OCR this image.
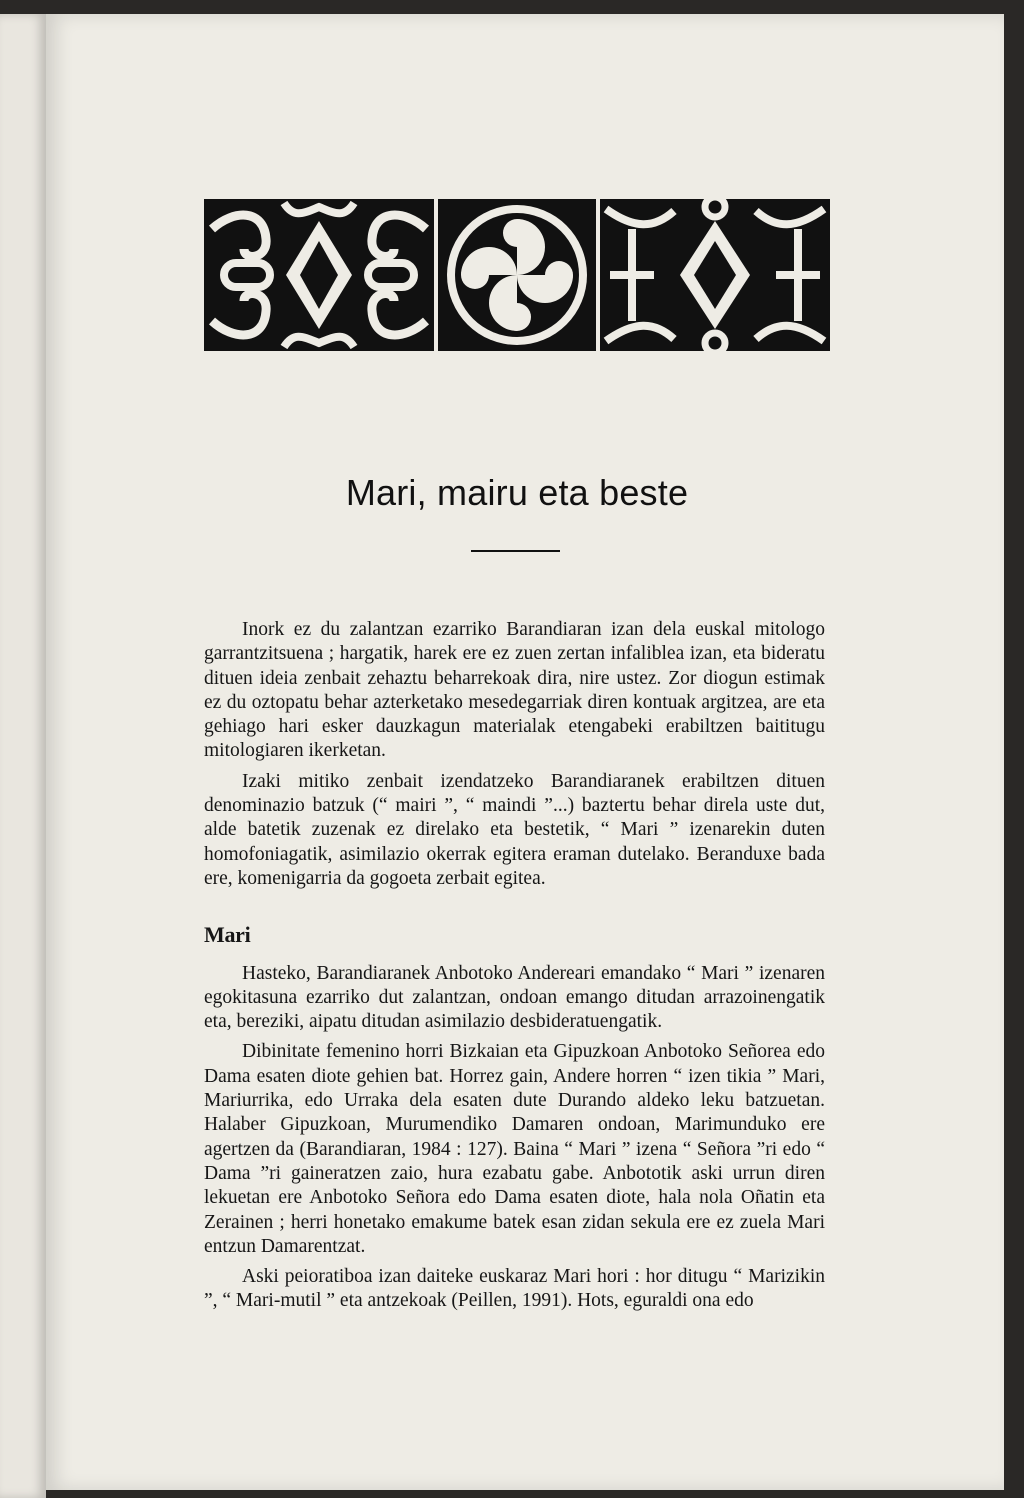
Mari, mairu eta beste

Inork ez du zalantzan ezarriko Barandiaran izan dela euskal mitologo garrantzitsuena ; hargatik, harek ere ez zuen zertan infaliblea izan, eta bideratu dituen ideia zenbait zehaztu beharrekoak dira, nire ustez. Zor diogun estimak ez du oztopatu behar azterketako mesedegarriak diren kontuak argitzea, are eta gehiago hari esker dauzkagun materialak etengabeki erabiltzen baititugu mitologiaren ikerketan.

Izaki mitiko zenbait izendatzeko Barandiaranek erabiltzen dituen denominazio batzuk (“ mairi ”, “ maindi ”...) baztertu behar direla uste dut, alde batetik zuzenak ez direlako eta bestetik, “ Mari ” izenarekin duten homofoniagatik, asimilazio okerrak egitera eraman dutelako. Beranduxe bada ere, komenigarria da gogoeta zerbait egitea.

Mari

Hasteko, Barandiaranek Anbotoko Andereari emandako “ Mari ” izenaren egokitasuna ezarriko dut zalantzan, ondoan emango ditudan arrazoinengatik eta, bereziki, aipatu ditudan asimilazio desbideratuengatik.

Dibinitate femenino horri Bizkaian eta Gipuzkoan Anbotoko Señorea edo Dama esaten diote gehien bat. Horrez gain, Andere horren “ izen tikia ” Mari, Mariurrika, edo Urraka dela esaten dute Durando aldeko leku batzuetan. Halaber Gipuzkoan, Murumendiko Damaren ondoan, Marimunduko ere agertzen da (Barandiaran, 1984 : 127). Baina “ Mari ” izena “ Señora ”ri edo “ Dama ”ri gaineratzen zaio, hura ezabatu gabe. Anbototik aski urrun diren lekuetan ere Anbotoko Señora edo Dama esaten diote, hala nola Oñatin eta Zerainen ; herri honetako emakume batek esan zidan sekula ere ez zuela Mari entzun Damarentzat.

Aski peioratiboa izan daiteke euskaraz Mari hori : hor ditugu “ Marizikin ”, “ Mari-mutil ” eta antzekoak (Peillen, 1991). Hots, eguraldi ona edo
